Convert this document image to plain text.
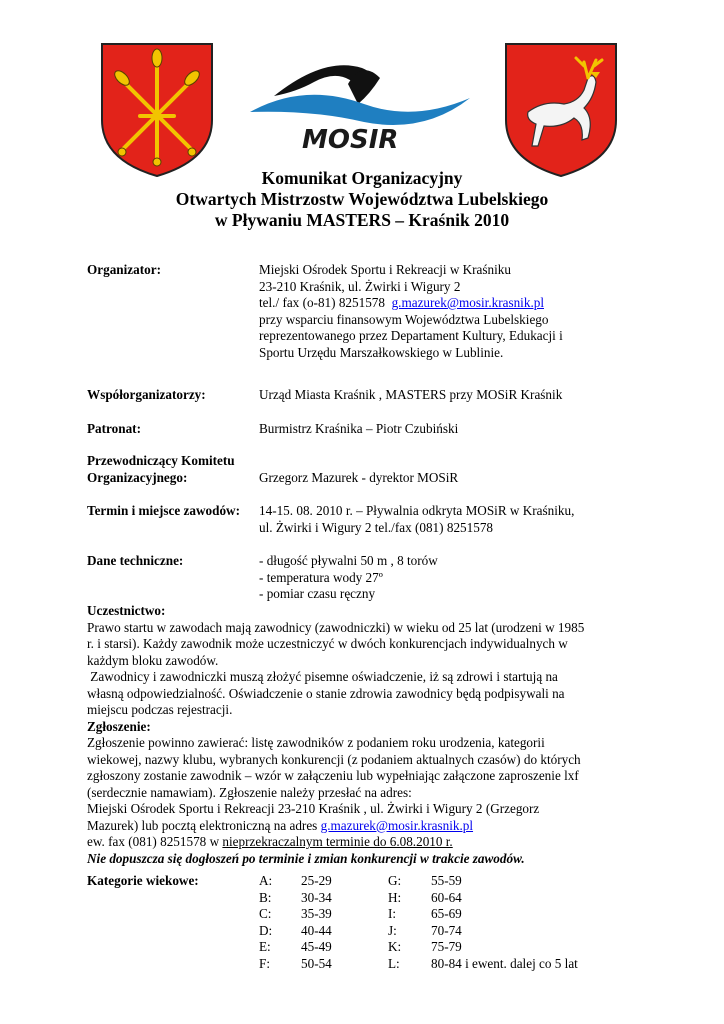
MOSIR
Komunikat Organizacyjny
Otwartych Mistrzostw Województwa Lubelskiego
w Pływaniu MASTERS – Kraśnik 2010
Organizator:	Miejski Ośrodek Sportu i Rekreacji w Kraśniku
23-210 Kraśnik, ul. Żwirki i Wigury 2
tel./ fax (o-81) 8251578 g.mazurek@mosir.krasnik.pl
przy wsparciu finansowym Województwa Lubelskiego
reprezentowanego przez Departament Kultury, Edukacji i
Sportu Urzędu Marszałkowskiego w Lublinie.
Współorganizatorzy:	Urząd Miasta Kraśnik , MASTERS przy MOSiR Kraśnik
Patronat:	Burmistrz Kraśnika – Piotr Czubiński
Przewodniczący Komitetu
Organizacyjnego:	Grzegorz Mazurek - dyrektor MOSiR
Termin i miejsce zawodów: 14-15. 08. 2010 r. – Pływalnia odkryta MOSiR w Kraśniku,
ul. Żwirki i Wigury 2 tel./fax (081) 8251578
Dane techniczne:	- długość pływalni 50 m , 8 torów
- temperatura wody 27º
- pomiar czasu ręczny
Uczestnictwo:
Prawo startu w zawodach mają zawodnicy (zawodniczki) w wieku od 25 lat (urodzeni w 1985
r. i starsi). Każdy zawodnik może uczestniczyć w dwóch konkurencjach indywidualnych w
każdym bloku zawodów.
Zawodnicy i zawodniczki muszą złożyć pisemne oświadczenie, iż są zdrowi i startują na
własną odpowiedzialność. Oświadczenie o stanie zdrowia zawodnicy będą podpisywali na
miejscu podczas rejestracji.
Zgłoszenie:
Zgłoszenie powinno zawierać: listę zawodników z podaniem roku urodzenia, kategorii
wiekowej, nazwy klubu, wybranych konkurencji (z podaniem aktualnych czasów) do których
zgłoszony zostanie zawodnik – wzór w załączeniu lub wypełniając załączone zaproszenie lxf
(serdecznie namawiam). Zgłoszenie należy przesłać na adres:
Miejski Ośrodek Sportu i Rekreacji 23-210 Kraśnik , ul. Żwirki i Wigury 2 (Grzegorz
Mazurek) lub pocztą elektroniczną na adres g.mazurek@mosir.krasnik.pl
ew. fax (081) 8251578 w nieprzekraczalnym terminie do 6.08.2010 r.
Nie dopuszcza się dogłoszeń po terminie i zmian konkurencji w trakcie zawodów.
Kategorie wiekowe:	A: 25-29	G: 55-59
B: 30-34	H: 60-64
C: 35-39	I:	65-69
D: 40-44	J:	70-74
E: 45-49	K: 75-79
F: 50-54	L: 80-84 i ewent. dalej co 5 lat
